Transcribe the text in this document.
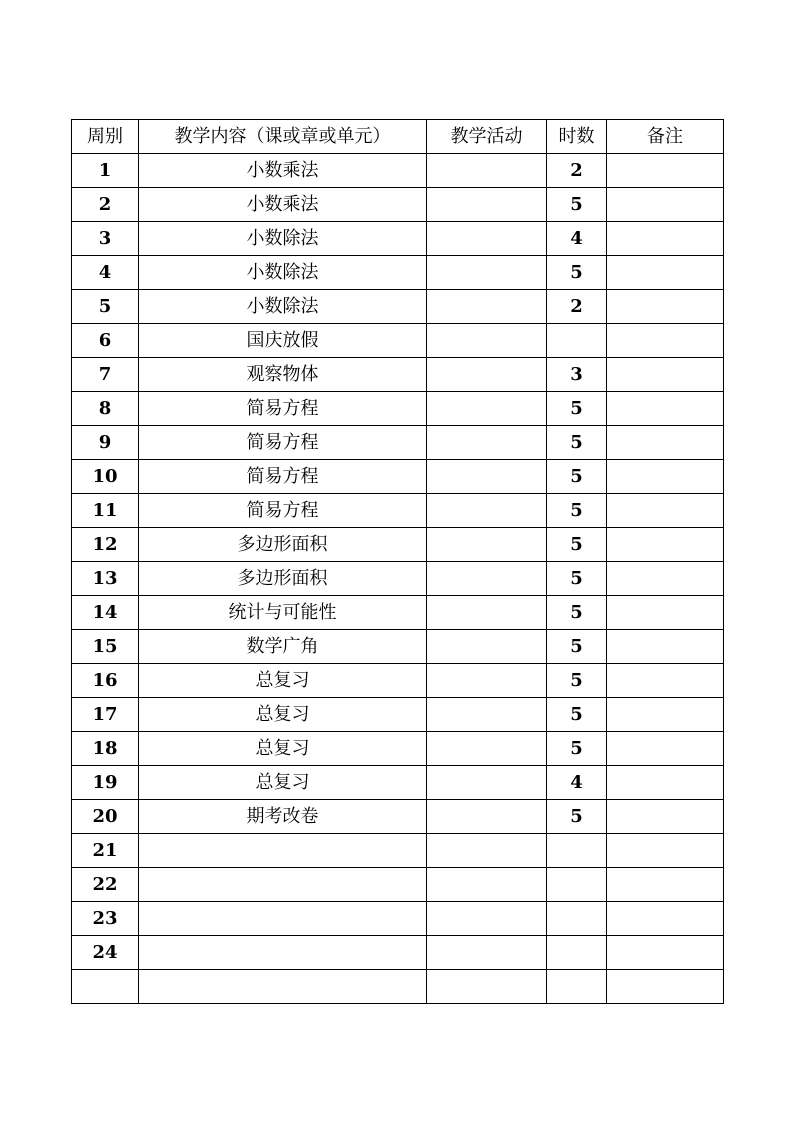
周别	教学内容（课或章或单元）	教学活动	时数	备注
1	小数乘法		2	
2	小数乘法		5	
3	小数除法		4	
4	小数除法		5	
5	小数除法		2	
6	国庆放假			
7	观察物体		3	
8	简易方程		5	
9	简易方程		5	
10	简易方程		5	
11	简易方程		5	
12	多边形面积		5	
13	多边形面积		5	
14	统计与可能性		5	
15	数学广角		5	
16	总复习		5	
17	总复习		5	
18	总复习		5	
19	总复习		4	
20	期考改卷		5	
21				
22				
23				
24				
